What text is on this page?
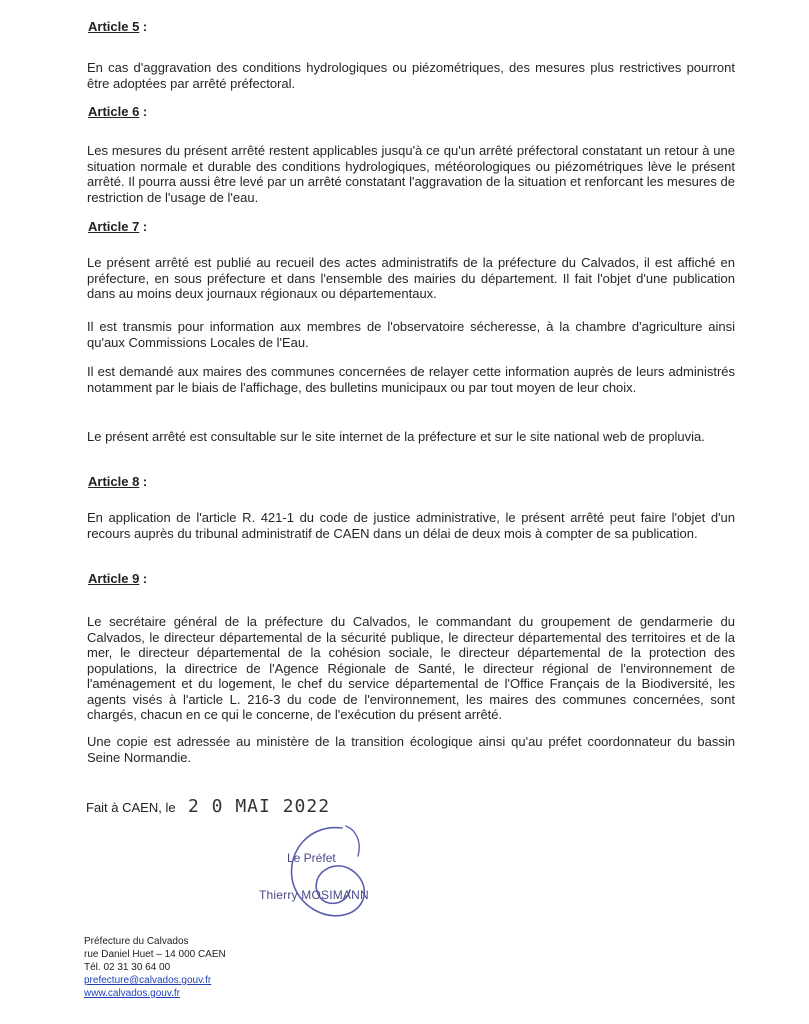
Article 5 :
En cas d'aggravation des conditions hydrologiques ou piézométriques, des mesures plus restrictives pourront être adoptées par arrêté préfectoral.
Article 6 :
Les mesures du présent arrêté restent applicables jusqu'à ce qu'un arrêté préfectoral constatant un retour à une situation normale et durable des conditions hydrologiques, météorologiques ou piézométriques lève le présent arrêté. Il pourra aussi être levé par un arrêté constatant l'aggravation de la situation et renforcant les mesures de restriction de l'usage de l'eau.
Article 7 :
Le présent arrêté est publié au recueil des actes administratifs de la préfecture du Calvados, il est affiché en préfecture, en sous préfecture et dans l'ensemble des mairies du département. Il fait l'objet d'une publication dans au moins deux journaux régionaux ou départementaux.
Il est transmis pour information aux membres de l'observatoire sécheresse, à la chambre d'agriculture ainsi qu'aux Commissions Locales de l'Eau.
Il est demandé aux maires des communes concernées de relayer cette information auprès de leurs administrés notamment par le biais de l'affichage, des bulletins municipaux ou par tout moyen de leur choix.
Le présent arrêté est consultable sur le site internet de la préfecture et sur le site national web de propluvia.
Article 8 :
En application de l'article R. 421-1 du code de justice administrative, le présent arrêté peut faire l'objet d'un recours auprès du tribunal administratif de CAEN dans un délai de deux mois à compter de sa publication.
Article 9 :
Le secrétaire général de la préfecture du Calvados, le commandant du groupement de gendarmerie du Calvados, le directeur départemental de la sécurité publique, le directeur départemental des territoires et de la mer, le directeur départemental de la cohésion sociale, le directeur départemental de la protection des populations, la directrice de l'Agence Régionale de Santé, le directeur régional de l'environnement de l'aménagement et du logement, le chef du service départemental de l'Office Français de la Biodiversité, les agents visés à l'article L. 216-3 du code de l'environnement, les maires des communes concernées, sont chargés, chacun en ce qui le concerne, de l'exécution du présent arrêté.
Une copie est adressée au ministère de la transition écologique ainsi qu'au préfet coordonnateur du bassin Seine Normandie.
Fait à CAEN, le 2 0 MAI 2022
Le Préfet
Thierry MOSIMANN
Préfecture du Calvados
rue Daniel Huet – 14 000 CAEN
Tél. 02 31 30 64 00
prefecture@calvados.gouv.fr
www.calvados.gouv.fr
